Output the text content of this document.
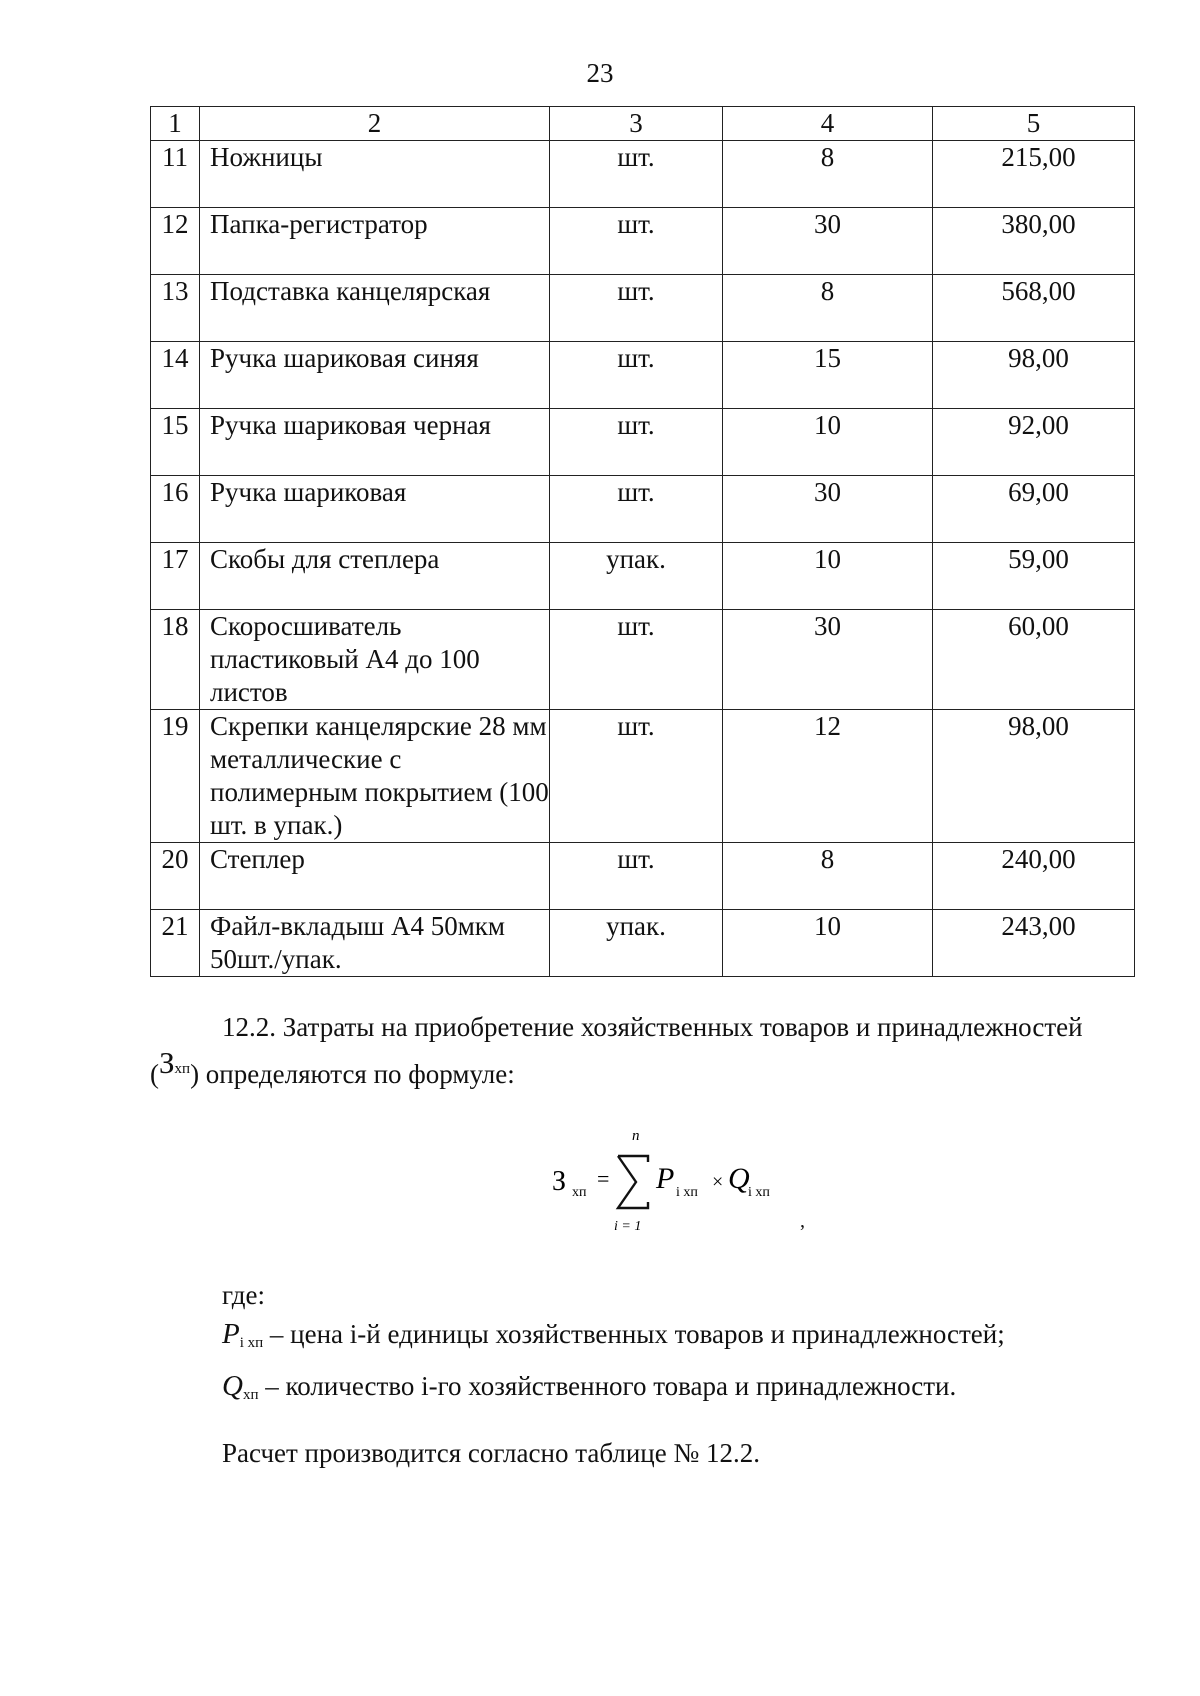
23
1	2	3	4	5
11	Ножницы	шт.	8	215,00
12	Папка-регистратор	шт.	30	380,00
13	Подставка канцелярская	шт.	8	568,00
14	Ручка шариковая синяя	шт.	15	98,00
15	Ручка шариковая черная	шт.	10	92,00
16	Ручка шариковая	шт.	30	69,00
17	Скобы для степлера	упак.	10	59,00
18	Скоросшиватель пластиковый А4 до 100 листов	шт.	30	60,00
19	Скрепки канцелярские 28 мм металлические с полимерным покрытием (100 шт. в упак.)	шт.	12	98,00
20	Степлер	шт.	8	240,00
21	Файл-вкладыш А4 50мкм 50шт./упак.	упак.	10	243,00
12.2. Затраты на приобретение хозяйственных товаров и принадлежностей
$(З^{хп})$ определяются по формуле:
З хп
=
n
i = 1
P i хп × Q
i хп
,
где:
$P_{i хп}$ – цена i-й единицы хозяйственных товаров и принадлежностей;
$Q_{хп}$ – количество i-го хозяйственного товара и принадлежности.
Расчет производится согласно таблице № 12.2.
